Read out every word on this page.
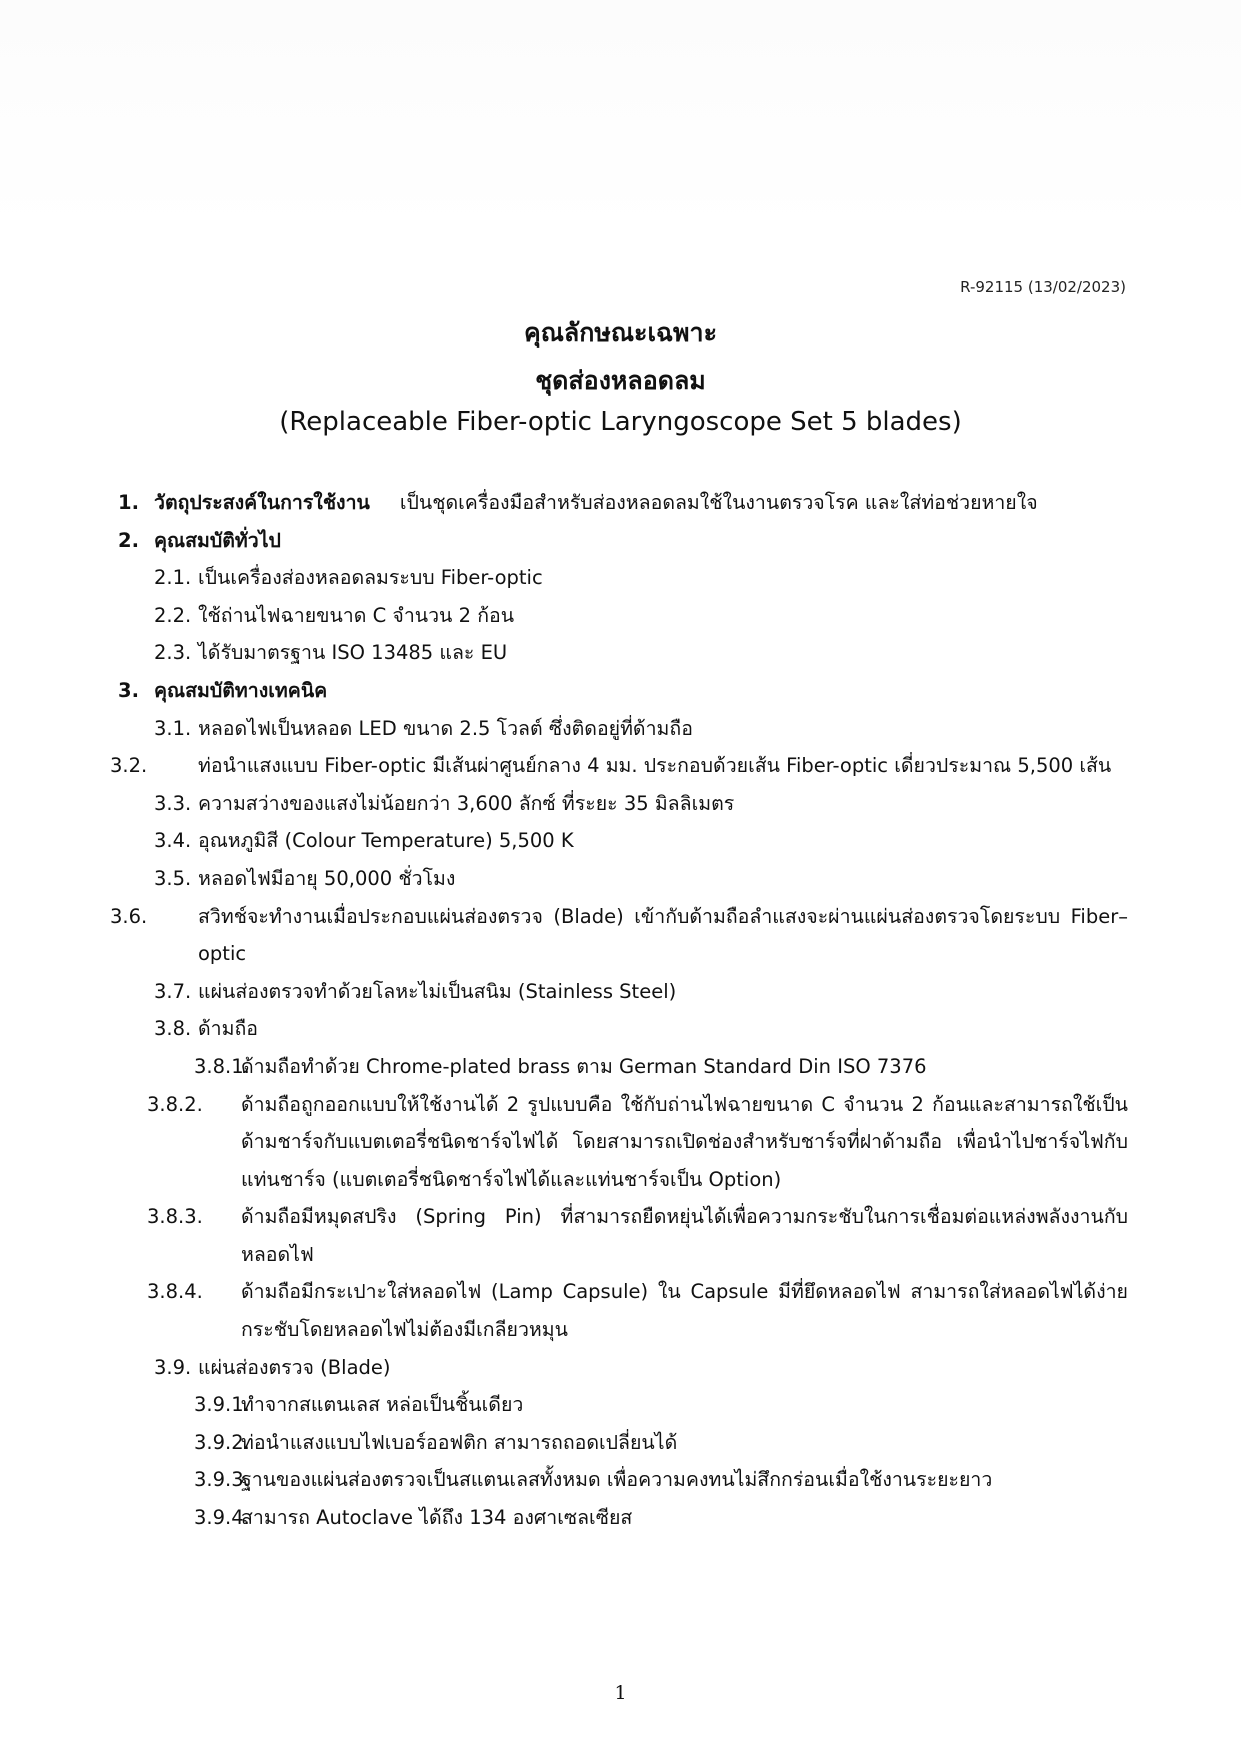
R-92115 (13/02/2023)
คุณลักษณะเฉพาะ
ชุดส่องหลอดลม
(Replaceable Fiber-optic Laryngoscope Set 5 blades)
1. วัตถุประสงค์ในการใช้งาน เป็นชุดเครื่องมือสำหรับส่องหลอดลมใช้ในงานตรวจโรค และใส่ท่อช่วยหายใจ
2. คุณสมบัติทั่วไป
2.1. เป็นเครื่องส่องหลอดลมระบบ Fiber-optic
2.2. ใช้ถ่านไฟฉายขนาด C จำนวน 2 ก้อน
2.3. ได้รับมาตรฐาน ISO 13485 และ EU
3. คุณสมบัติทางเทคนิค
3.1. หลอดไฟเป็นหลอด LED ขนาด 2.5 โวลต์ ซึ่งติดอยู่ที่ด้ามถือ
3.2.	ท่อนำแสงแบบ Fiber-optic มีเส้นผ่าศูนย์กลาง 4 มม. ประกอบด้วยเส้น Fiber-optic เดี่ยวประมาณ 5,500 เส้น
3.3. ความสว่างของแสงไม่น้อยกว่า 3,600 ลักซ์ ที่ระยะ 35 มิลลิเมตร
3.4. อุณหภูมิสี (Colour Temperature) 5,500 K
3.5. หลอดไฟมีอายุ 50,000 ชั่วโมง
3.6.	สวิทช์จะทำงานเมื่อประกอบแผ่นส่องตรวจ (Blade) เข้ากับด้ามถือลำแสงจะผ่านแผ่นส่องตรวจโดยระบบ Fiber–optic
3.7. แผ่นส่องตรวจทำด้วยโลหะไม่เป็นสนิม (Stainless Steel)
3.8. ด้ามถือ
3.8.1.ด้ามถือทำด้วย Chrome-plated brass ตาม German Standard Din ISO 7376
3.8.2. ด้ามถือถูกออกแบบให้ใช้งานได้ 2 รูปแบบคือ ใช้กับถ่านไฟฉายขนาด C จำนวน 2 ก้อนและสามารถใช้เป็นด้ามชาร์จกับแบตเตอรี่ชนิดชาร์จไฟได้ โดยสามารถเปิดช่องสำหรับชาร์จที่ฝาด้ามถือ เพื่อนำไปชาร์จไฟกับแท่นชาร์จ (แบตเตอรี่ชนิดชาร์จไฟได้และแท่นชาร์จเป็น Option)
3.8.3. ด้ามถือมีหมุดสปริง (Spring Pin) ที่สามารถยืดหยุ่นได้เพื่อความกระชับในการเชื่อมต่อแหล่งพลังงานกับหลอดไฟ
3.8.4. ด้ามถือมีกระเปาะใส่หลอดไฟ (Lamp Capsule) ใน Capsule มีที่ยึดหลอดไฟ สามารถใส่หลอดไฟได้ง่ายกระชับโดยหลอดไฟไม่ต้องมีเกลียวหมุน
3.9. แผ่นส่องตรวจ (Blade)
3.9.1.ทำจากสแตนเลส หล่อเป็นชิ้นเดียว
3.9.2.ท่อนำแสงแบบไฟเบอร์ออฟติก สามารถถอดเปลี่ยนได้
3.9.3.ฐานของแผ่นส่องตรวจเป็นสแตนเลสทั้งหมด เพื่อความคงทนไม่สึกกร่อนเมื่อใช้งานระยะยาว
3.9.4.สามารถ Autoclave ได้ถึง 134 องศาเซลเซียส
1
